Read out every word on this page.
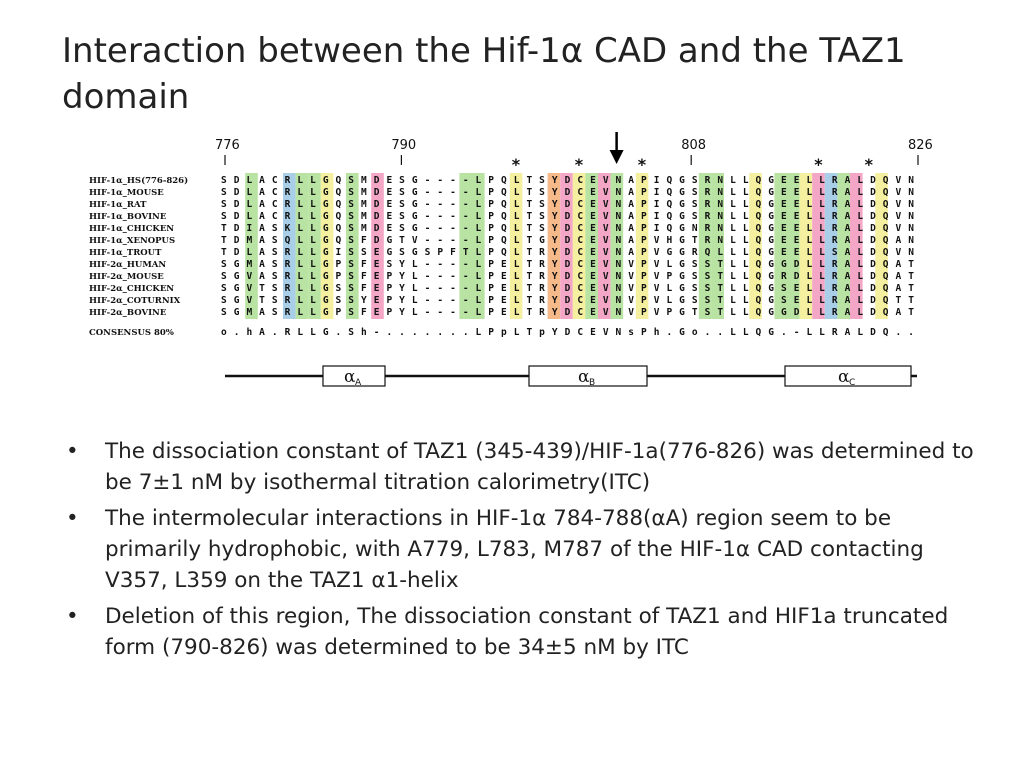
Interaction between the Hif-1α CAD and the TAZ1 domain
776	790	808	826
*	*	*	*	*
HIF-1α_HS(776-826)	SDLACRLLGQSMDESG----LPQLTSYDCEVNAPIQGSRNLLQGEELLRALDQVN
HIF-1α_MOUSE	SDLACRLLGQSMDESG----LPQLTSYDCEVNAPIQGSRNLLQGEELLRALDQVN
HIF-1α_RAT	SDLACRLLGQSMDESG----LPQLTSYDCEVNAPIQGSRNLLQGEELLRALDQVN
HIF-1α_BOVINE	SDLACRLLGQSMDESG----LPQLTSYDCEVNAPIQGSRNLLQGEELLRALDQVN
HIF-1α_CHICKEN	TDIASKLLGQSMDESG----LPQLTSYDCEVNAPIQGNRNLLQGEELLRALDQVN
HIF-1α_XENOPUS	TDMASQLLGQSFDGTV----LPQLTGYDCEVNAPVHGTRNLLQGEELLRALDQAN
HIF-1α_TROUT	TDLASRLLGISSEGSGSPFTLPQLTRYDCEVNAPVGGRQLLLQGEELLSALDQVN
HIF-2α_HUMAN	SGMASRLLGPSFESYL----LPELTRYDCEVNVPVLGSSTLLQGGDLLRALDQAT
HIF-2α_MOUSE	SGVASRLLGPSFEPYL----LPELTRYDCEVNVPVPGSSTLLQGRDLLRALDQAT
HIF-2α_CHICKEN	SGVTSRLLGSSFEPYL----LPELTRYDCEVNVPVLGSSTLLQGSELLRALDQAT
HIF-2α_COTURNIX	SGVTSRLLGSSYEPYL----LPELTRYDCEVNVPVLGSSTLLQGSELLRALDQTT
HIF-2α_BOVINE	SGMASRLLGPSFEPYL----LPELTRYDCEVNVPVPGTSTLLQGGDLLRALDQAT
CONSENSUS 80%	o.hA.RLLG.Sh-.......LPpLTpYDCEVNsPh.Go..LLQG.-LLRALDQ..
α A	α B	α C
• The dissociation constant of TAZ1 (345-439)/HIF-1a(776-826) was determined to be 7±1 nM by isothermal titration calorimetry(ITC)
• The intermolecular interactions in HIF-1α 784-788(αA) region seem to be primarily hydrophobic, with A779, L783, M787 of the HIF-1α CAD contacting V357, L359 on the TAZ1 α1-helix
• Deletion of this region, The dissociation constant of TAZ1 and HIF1a truncated form (790-826) was determined to be 34±5 nM by ITC
